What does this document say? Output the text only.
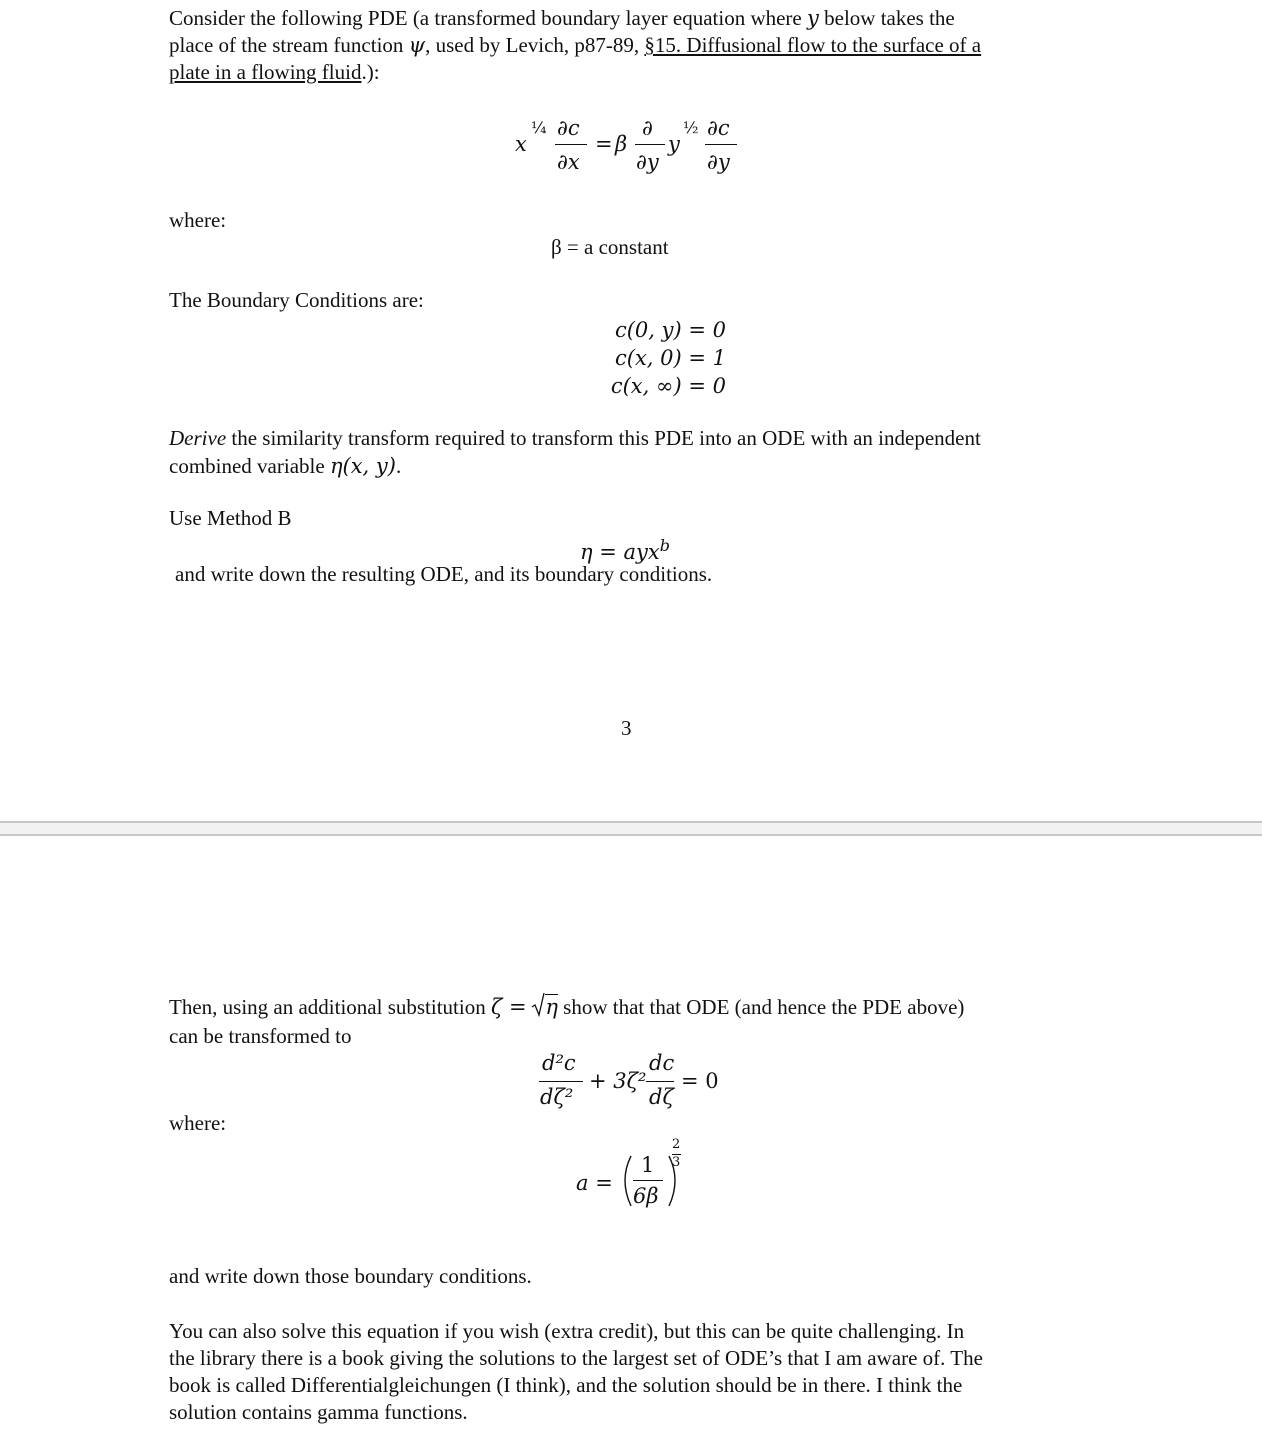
Consider the following PDE (a transformed boundary layer equation where y below takes the
place of the stream function ψ, used by Levich, p87-89, §15. Diffusional flow to the surface of a
plate in a flowing fluid.):
x
¼ ∂c
∂x
= β
∂
∂y
y
½ ∂c
∂y
where:
β = a constant
The Boundary Conditions are:
c(0, y) = 0
c(x, 0) = 1
c(x, ∞) = 0
Derive the similarity transform required to transform this PDE into an ODE with an independent
combined variable η(x, y).
Use Method B
η = ayx$^b$
and write down the resulting ODE, and its boundary conditions.
3
Then, using an additional substitution ζ =
η show that that ODE (and hence the PDE above)
can be transformed to
d²c
dζ²
+ 3ζ²
dc
dζ
= 0
where:
a =
1
6β
2
3
and write down those boundary conditions.
You can also solve this equation if you wish (extra credit), but this can be quite challenging. In
the library there is a book giving the solutions to the largest set of ODE’s that I am aware of. The
book is called Differentialgleichungen (I think), and the solution should be in there. I think the
solution contains gamma functions.
